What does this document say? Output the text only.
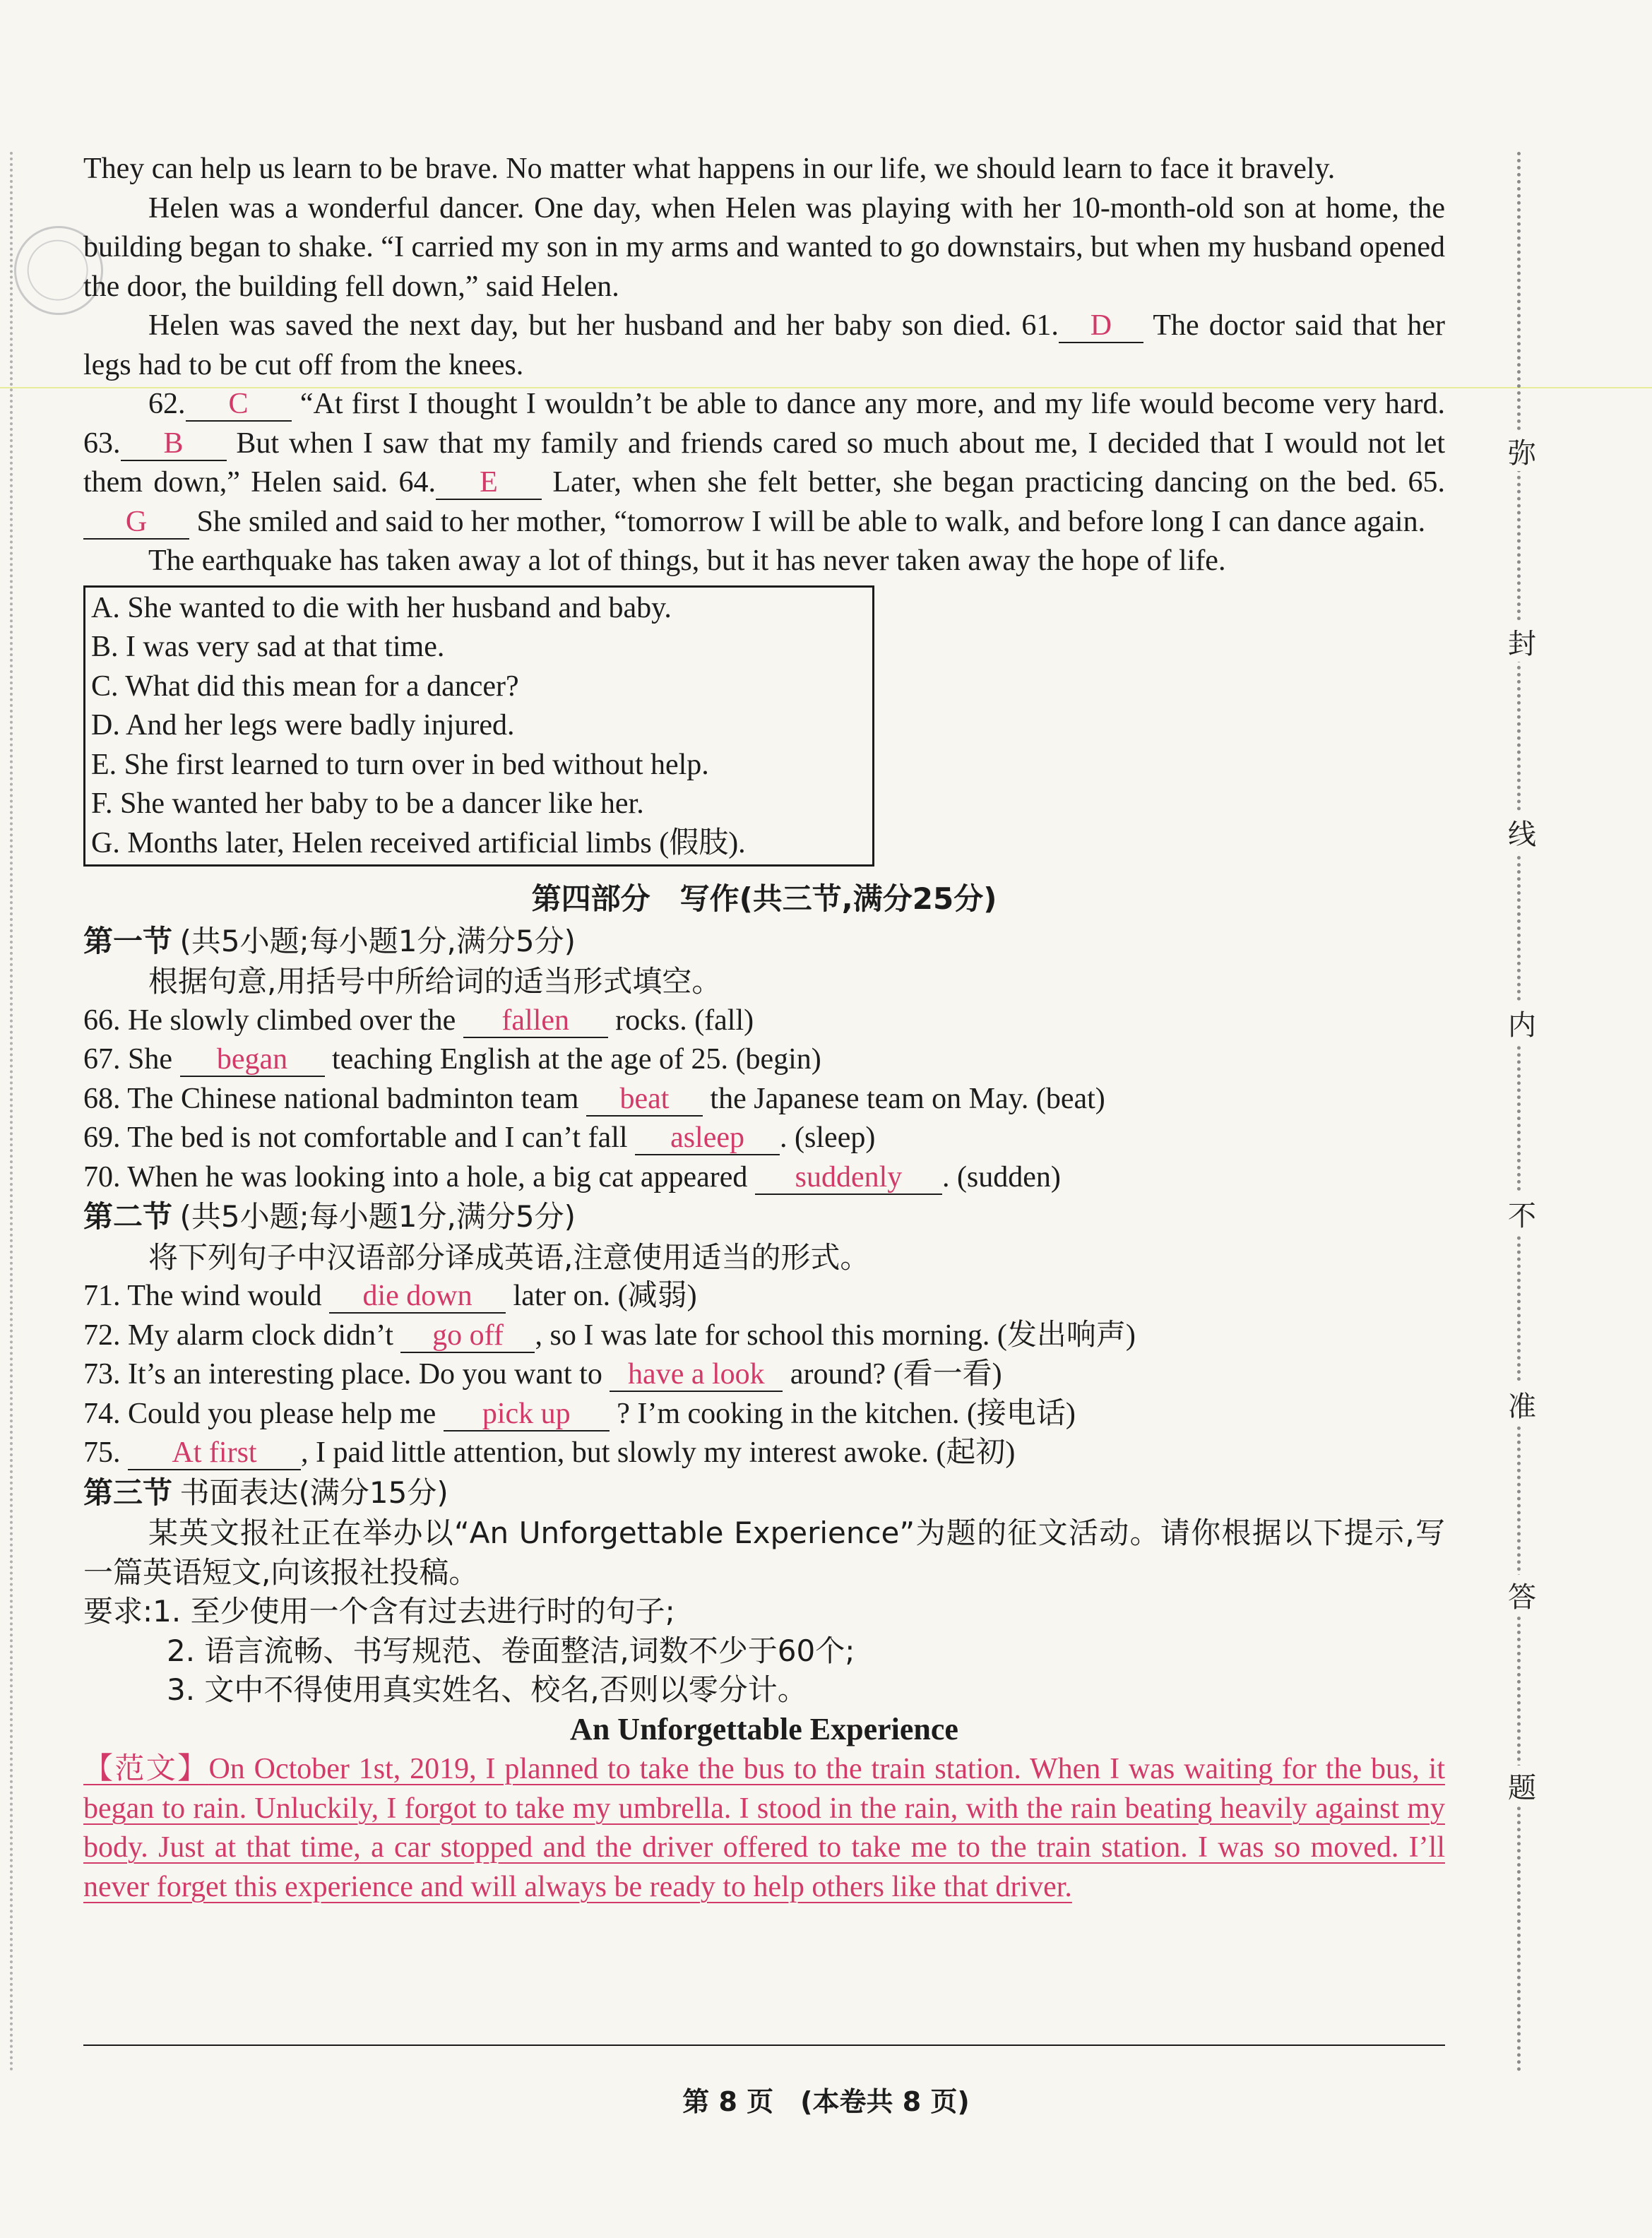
弥
封
线
内
不
准
答
题
They can help us learn to be brave. No matter what happens in our life, we should learn to face it bravely.
Helen was a wonderful dancer. One day, when Helen was playing with her 10-month-old son at home, the building began to shake. “I carried my son in my arms and wanted to go downstairs, but when my husband opened the door, the building fell down,” said Helen.
Helen was saved the next day, but her husband and her baby son died. 61. D The doctor said that her legs had to be cut off from the knees.
62. C “At first I thought I wouldn’t be able to dance any more, and my life would become very hard. 63. B But when I saw that my family and friends cared so much about me, I decided that I would not let them down,” Helen said. 64. E Later, when she felt better, she began practicing dancing on the bed. 65.G She smiled and said to her mother, “tomorrow I will be able to walk, and before long I can dance again.
The earthquake has taken away a lot of things, but it has never taken away the hope of life.
A. She wanted to die with her husband and baby.
B. I was very sad at that time.
C. What did this mean for a dancer?
D. And her legs were badly injured.
E. She first learned to turn over in bed without help.
F. She wanted her baby to be a dancer like her.
G. Months later, Helen received artificial limbs (假肢).
第四部分　写作(共三节,满分25分)
第一节 (共5小题;每小题1分,满分5分)
根据句意,用括号中所给词的适当形式填空。
66. He slowly climbed over the fallen rocks. (fall)
67. She began teaching English at the age of 25. (begin)
68. The Chinese national badminton team beat the Japanese team on May. (beat)
69. The bed is not comfortable and I can’t fall asleep . (sleep)
70. When he was looking into a hole, a big cat appeared suddenly . (sudden)
第二节 (共5小题;每小题1分,满分5分)
将下列句子中汉语部分译成英语,注意使用适当的形式。
71. The wind would die down later on. (减弱)
72. My alarm clock didn’t go off , so I was late for school this morning. (发出响声)
73. It’s an interesting place. Do you want to have a look around? (看一看)
74. Could you please help me pick up ? I’m cooking in the kitchen. (接电话)
75. At first , I paid little attention, but slowly my interest awoke. (起初)
第三节 书面表达(满分15分)
某英文报社正在举办以“An Unforgettable Experience”为题的征文活动。请你根据以下提示,写一篇英语短文,向该报社投稿。
要求:1. 至少使用一个含有过去进行时的句子;
2. 语言流畅、书写规范、卷面整洁,词数不少于60个;
3. 文中不得使用真实姓名、校名,否则以零分计。
An Unforgettable Experience
【范文】On October 1st, 2019, I planned to take the bus to the train station. When I was waiting for the bus, it began to rain. Unluckily, I forgot to take my umbrella. I stood in the rain, with the rain beating heavily against my body. Just at that time, a car stopped and the driver offered to take me to the train station. I was so moved. I’ll never forget this experience and will always be ready to help others like that driver.
第 8 页　(本卷共 8 页)
